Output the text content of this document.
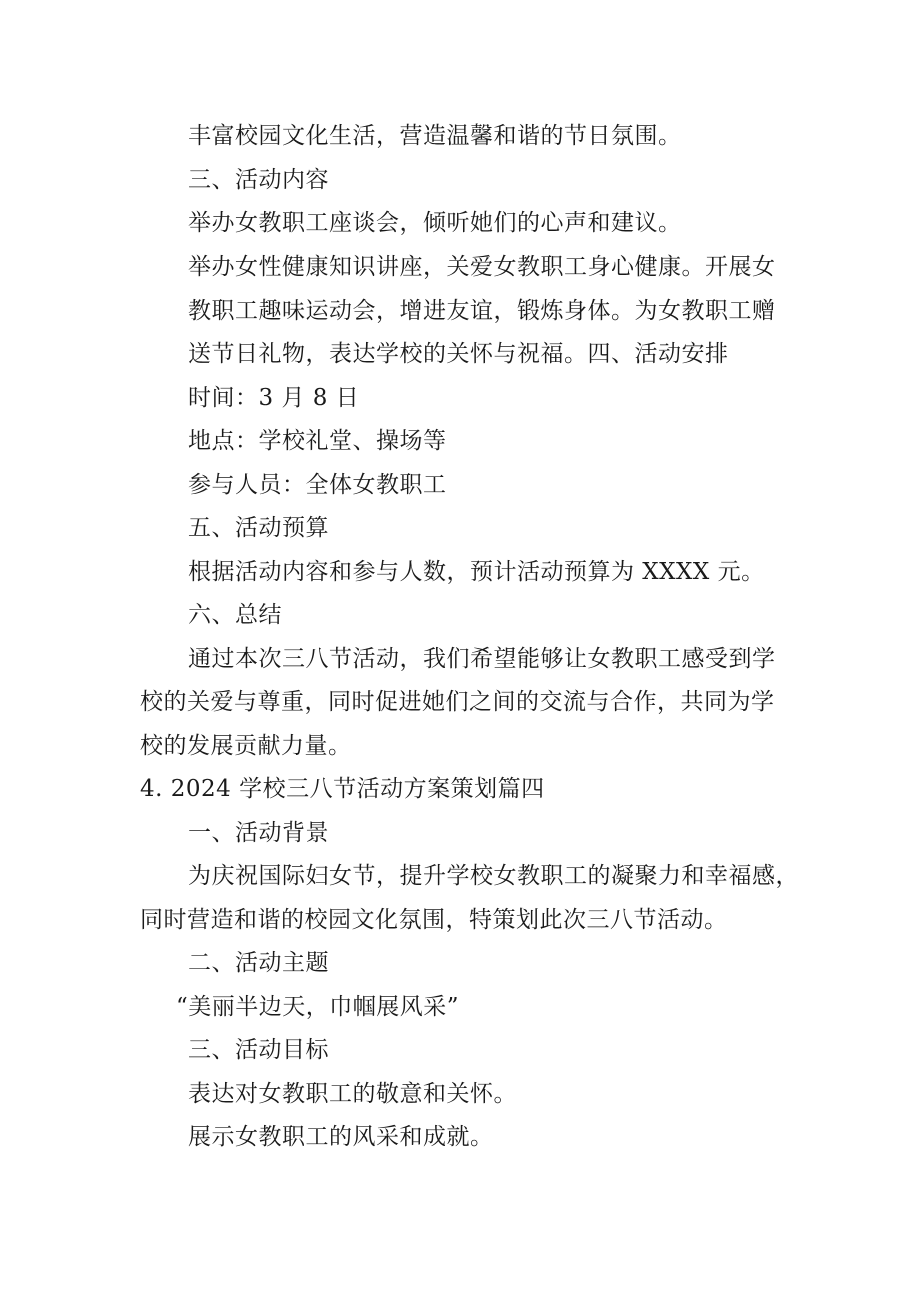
丰富校园文化生活，营造温馨和谐的节日氛围。
三、活动内容
举办女教职工座谈会，倾听她们的心声和建议。
举办女性健康知识讲座，关爱女教职工身心健康。开展女
教职工趣味运动会，增进友谊，锻炼身体。为女教职工赠
送节日礼物，表达学校的关怀与祝福。四、活动安排
时间：3 月 8 日
地点：学校礼堂、操场等
参与人员：全体女教职工
五、活动预算
根据活动内容和参与人数，预计活动预算为 XXXX 元。
六、总结
通过本次三八节活动，我们希望能够让女教职工感受到学
校的关爱与尊重，同时促进她们之间的交流与合作，共同为学
校的发展贡献力量。
4. 2024 学校三八节活动方案策划篇四
一、活动背景
为庆祝国际妇女节，提升学校女教职工的凝聚力和幸福感，
同时营造和谐的校园文化氛围，特策划此次三八节活动。
二、活动主题
“美丽半边天，巾帼展风采”
三、活动目标
表达对女教职工的敬意和关怀。
展示女教职工的风采和成就。
